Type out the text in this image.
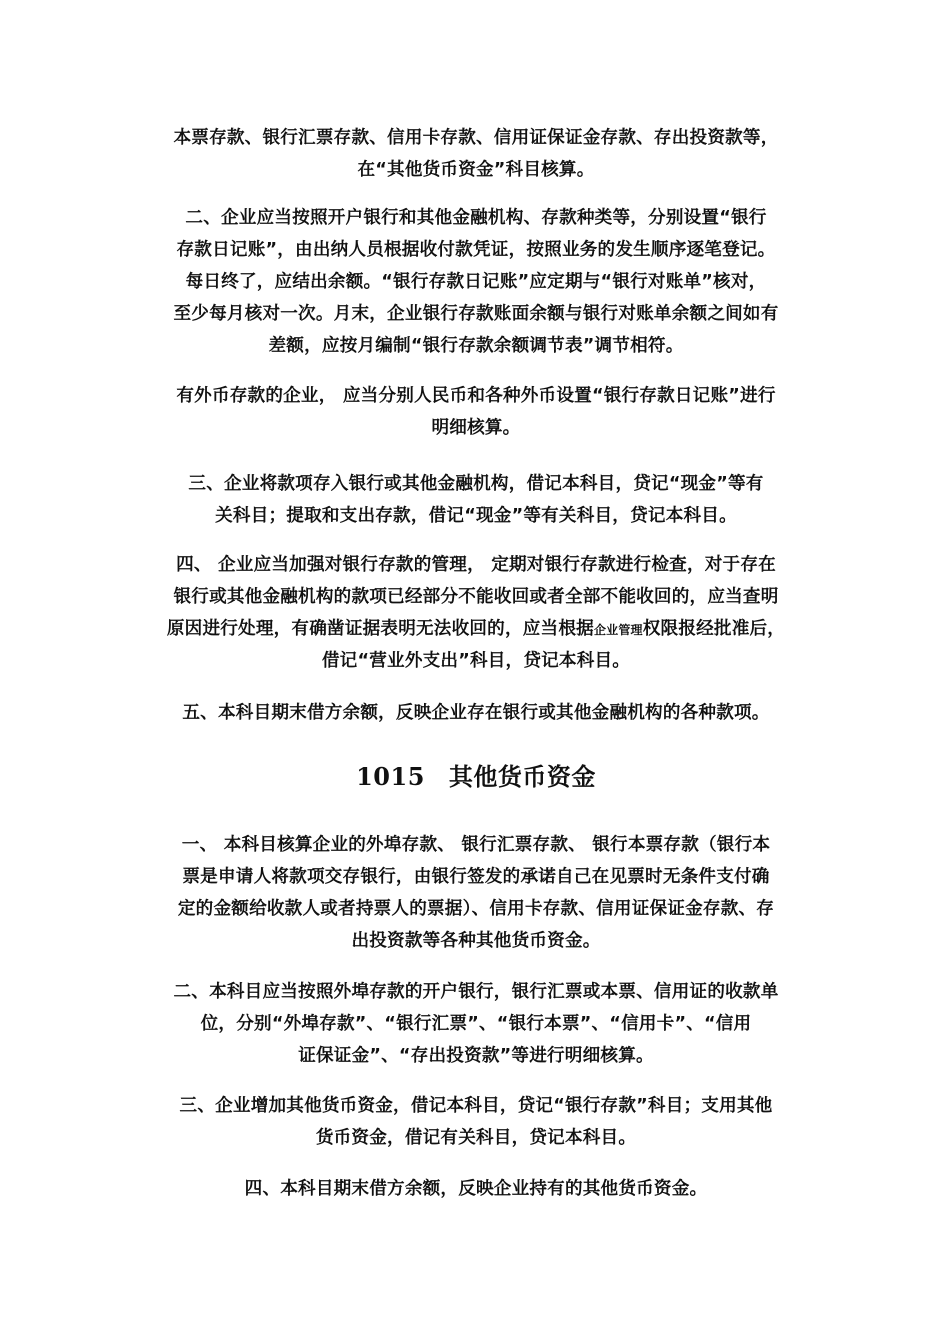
本票存款、银行汇票存款、信用卡存款、信用证保证金存款、存出投资款等，
在“其他货币资金”科目核算。

二、企业应当按照开户银行和其他金融机构、存款种类等，分别设置“银行
存款日记账”，由出纳人员根据收付款凭证，按照业务的发生顺序逐笔登记。
每日终了，应结出余额。“银行存款日记账”应定期与“银行对账单”核对，
至少每月核对一次。月末，企业银行存款账面余额与银行对账单余额之间如有
差额，应按月编制“银行存款余额调节表”调节相符。

有外币存款的企业， 应当分别人民币和各种外币设置“银行存款日记账”进行
明细核算。

三、企业将款项存入银行或其他金融机构，借记本科目，贷记“现金”等有
关科目；提取和支出存款，借记“现金”等有关科目，贷记本科目。

四、 企业应当加强对银行存款的管理， 定期对银行存款进行检查，对于存在
银行或其他金融机构的款项已经部分不能收回或者全部不能收回的，应当查明
原因进行处理，有确凿证据表明无法收回的，应当根据企业管理权限报经批准后，
借记“营业外支出”科目，贷记本科目。

五、本科目期末借方余额，反映企业存在银行或其他金融机构的各种款项。

1015 其他货币资金

一、 本科目核算企业的外埠存款、 银行汇票存款、 银行本票存款（银行本
票是申请人将款项交存银行，由银行签发的承诺自己在见票时无条件支付确
定的金额给收款人或者持票人的票据）、信用卡存款、信用证保证金存款、存
出投资款等各种其他货币资金。

二、本科目应当按照外埠存款的开户银行，银行汇票或本票、信用证的收款单
位，分别“外埠存款”、“银行汇票”、“银行本票”、“信用卡”、“信用
证保证金”、“存出投资款”等进行明细核算。

三、企业增加其他货币资金，借记本科目，贷记“银行存款”科目；支用其他
货币资金，借记有关科目，贷记本科目。

四、本科目期末借方余额，反映企业持有的其他货币资金。
